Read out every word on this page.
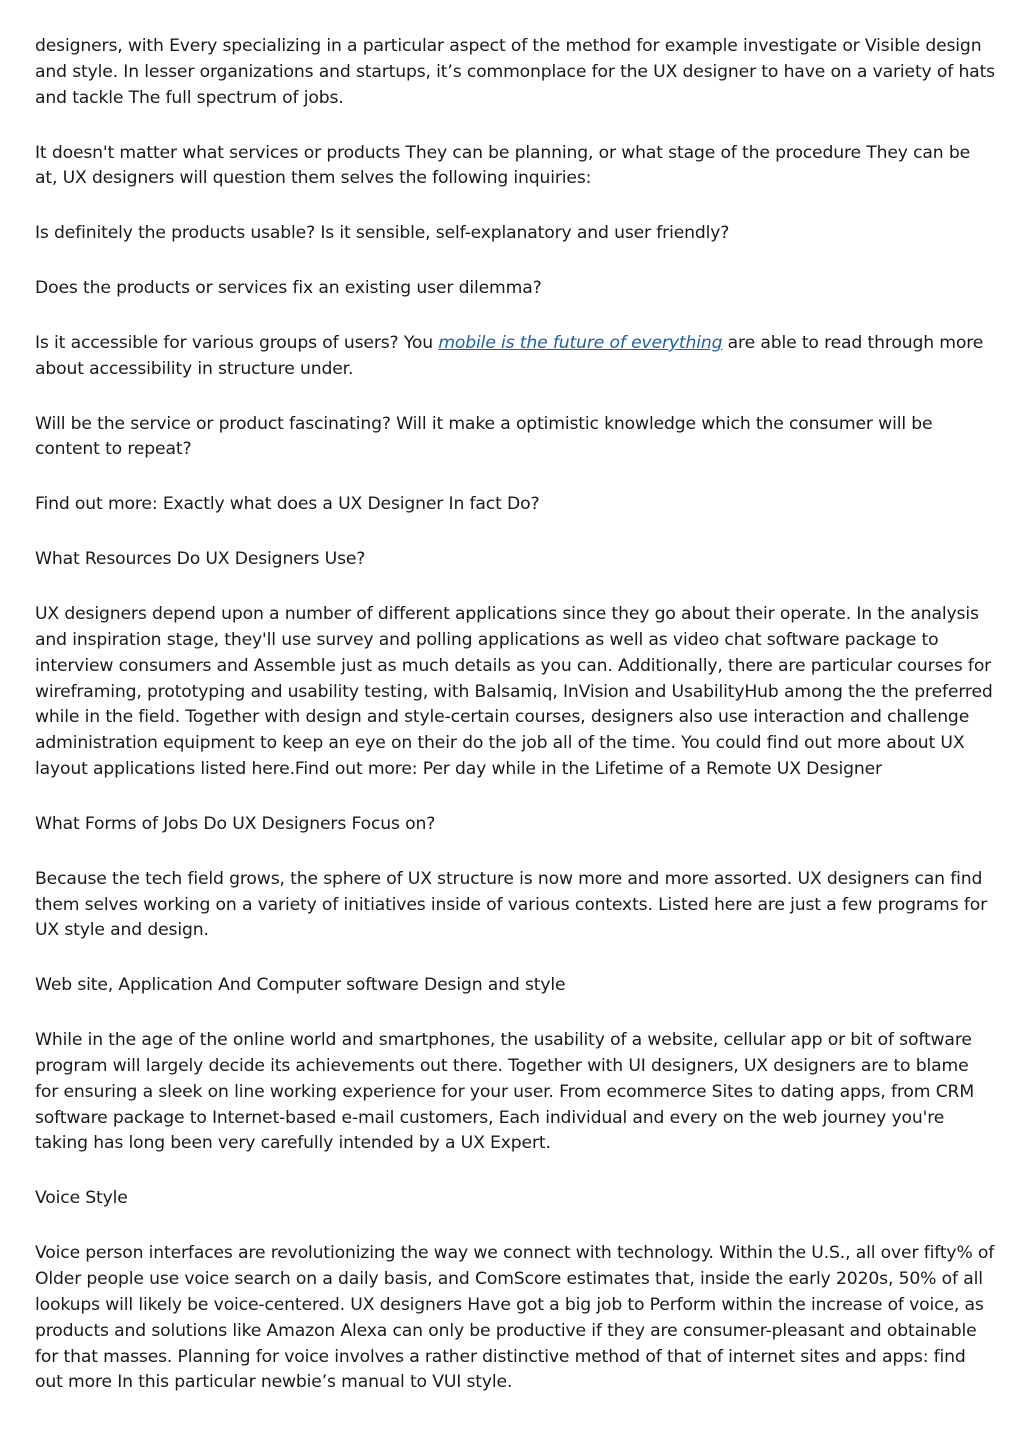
designers, with Every specializing in a particular aspect of the method for example investigate or Visible design and style. In lesser organizations and startups, it’s commonplace for the UX designer to have on a variety of hats and tackle The full spectrum of jobs.

It doesn't matter what services or products They can be planning, or what stage of the procedure They can be at, UX designers will question them selves the following inquiries:

Is definitely the products usable? Is it sensible, self-explanatory and user friendly?

Does the products or services fix an existing user dilemma?

Is it accessible for various groups of users? You mobile is the future of everything are able to read through more about accessibility in structure under.

Will be the service or product fascinating? Will it make a optimistic knowledge which the consumer will be content to repeat?

Find out more: Exactly what does a UX Designer In fact Do?

What Resources Do UX Designers Use?

UX designers depend upon a number of different applications since they go about their operate. In the analysis and inspiration stage, they'll use survey and polling applications as well as video chat software package to interview consumers and Assemble just as much details as you can. Additionally, there are particular courses for wireframing, prototyping and usability testing, with Balsamiq, InVision and UsabilityHub among the the preferred while in the field. Together with design and style-certain courses, designers also use interaction and challenge administration equipment to keep an eye on their do the job all of the time. You could find out more about UX layout applications listed here.Find out more: Per day while in the Lifetime of a Remote UX Designer

What Forms of Jobs Do UX Designers Focus on?

Because the tech field grows, the sphere of UX structure is now more and more assorted. UX designers can find them selves working on a variety of initiatives inside of various contexts. Listed here are just a few programs for UX style and design.

Web site, Application And Computer software Design and style

While in the age of the online world and smartphones, the usability of a website, cellular app or bit of software program will largely decide its achievements out there. Together with UI designers, UX designers are to blame for ensuring a sleek on line working experience for your user. From ecommerce Sites to dating apps, from CRM software package to Internet-based e-mail customers, Each individual and every on the web journey you're taking has long been very carefully intended by a UX Expert.

Voice Style

Voice person interfaces are revolutionizing the way we connect with technology. Within the U.S., all over fifty% of Older people use voice search on a daily basis, and ComScore estimates that, inside the early 2020s, 50% of all lookups will likely be voice-centered. UX designers Have got a big job to Perform within the increase of voice, as products and solutions like Amazon Alexa can only be productive if they are consumer-pleasant and obtainable for that masses. Planning for voice involves a rather distinctive method of that of internet sites and apps: find out more In this particular newbie’s manual to VUI style.
